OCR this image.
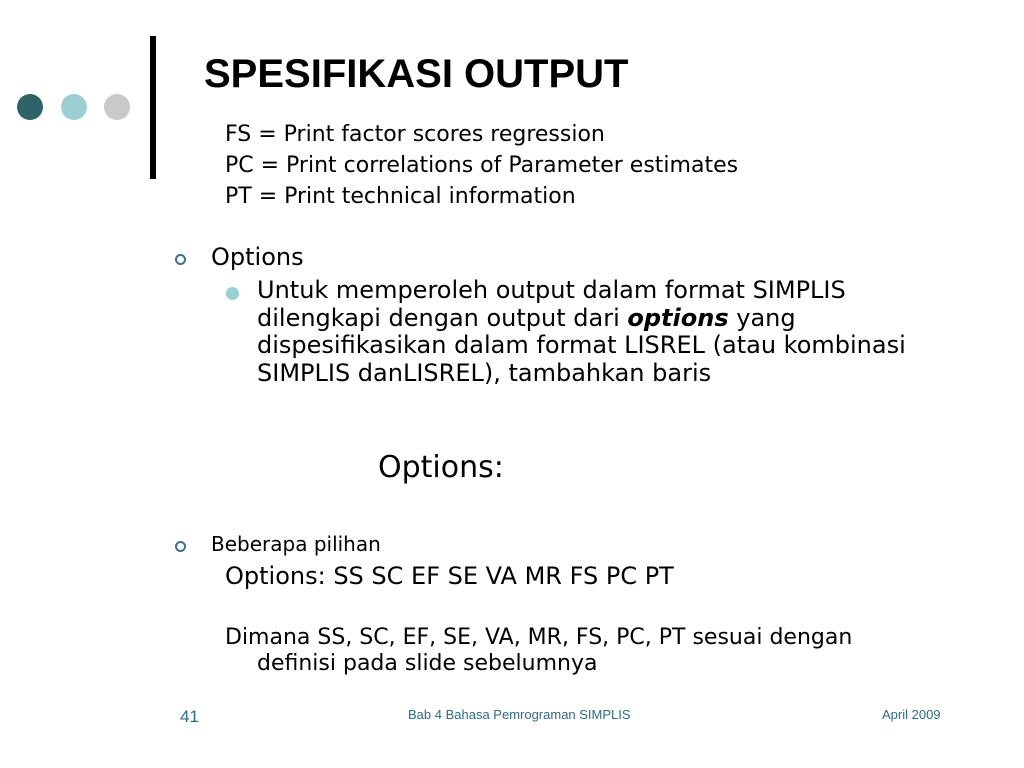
SPESIFIKASI OUTPUT
FS = Print factor scores regression
PC = Print correlations of Parameter estimates
PT = Print technical information
Options
Untuk memperoleh output dalam format SIMPLIS dilengkapi dengan output dari options yang dispesifikasikan dalam format LISREL (atau kombinasi SIMPLIS danLISREL), tambahkan baris
Options:
Beberapa pilihan
Options: SS SC EF SE VA MR FS PC PT
Dimana SS, SC, EF, SE, VA, MR, FS, PC, PT sesuai dengan definisi pada slide sebelumnya
41	Bab 4 Bahasa Pemrograman SIMPLIS	April 2009
